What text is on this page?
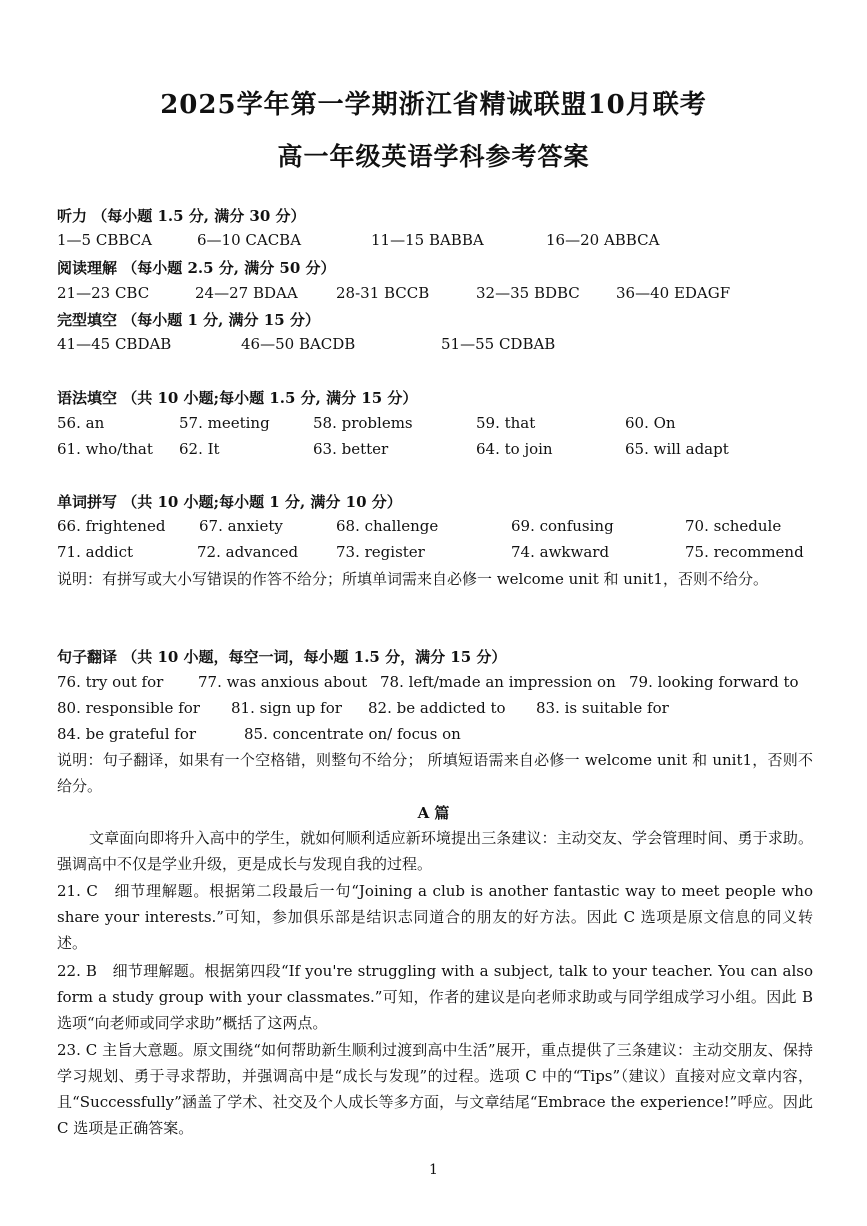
2025学年第一学期浙江省精诚联盟10月联考
高一年级英语学科参考答案
听力 （每小题 1.5 分, 满分 30 分）
1—5 CBBCA	6—10 CACBA	11—15 BABBA	16—20 ABBCA
阅读理解 （每小题 2.5 分, 满分 50 分）
21—23 CBC	24—27 BDAA	28-31 BCCB	32—35 BDBC 36—40 EDAGF
完型填空 （每小题 1 分, 满分 15 分）
41—45 CBDAB	46—50 BACDB	51—55 CDBAB
语法填空 （共 10 小题;每小题 1.5 分, 满分 15 分）
56. an	57. meeting	58. problems	59. that	60. On
61. who/that 62. It	63. better	64. to join	65. will adapt
单词拼写 （共 10 小题;每小题 1 分, 满分 10 分）
66. frightened 67. anxiety	68. challenge	69. confusing	70. schedule
71. addict	72. advanced	73. register	74. awkward	75. recommend
说明：有拼写或大小写错误的作答不给分；所填单词需来自必修一 welcome unit 和 unit1，否则不给分。
句子翻译 （共 10 小题，每空一词，每小题 1.5 分，满分 15 分）
76. try out for 77. was anxious about 78. left/made an impression on 79. looking forward to
80. responsible for 81. sign up for 82. be addicted to 83. is suitable for
84. be grateful for	85. concentrate on/ focus on
说明：句子翻译，如果有一个空格错，则整句不给分； 所填短语需来自必修一 welcome unit 和 unit1，否则不给分。
A 篇
文章面向即将升入高中的学生，就如何顺利适应新环境提出三条建议：主动交友、学会管理时间、勇于求助。强调高中不仅是学业升级，更是成长与发现自我的过程。
21. C　细节理解题。根据第二段最后一句“Joining a club is another fantastic way to meet people who share your interests.”可知，参加俱乐部是结识志同道合的朋友的好方法。因此 C 选项是原文信息的同义转述。
22. B　细节理解题。根据第四段“If you're struggling with a subject, talk to your teacher. You can also form a study group with your classmates.”可知，作者的建议是向老师求助或与同学组成学习小组。因此 B 选项“向老师或同学求助”概括了这两点。
23. C 主旨大意题。原文围绕“如何帮助新生顺利过渡到高中生活”展开，重点提供了三条建议：主动交朋友、保持学习规划、勇于寻求帮助，并强调高中是“成长与发现”的过程。选项 C 中的“Tips”（建议）直接对应文章内容，且“Successfully”涵盖了学术、社交及个人成长等多方面，与文章结尾“Embrace the experience!”呼应。因此 C 选项是正确答案。
1
